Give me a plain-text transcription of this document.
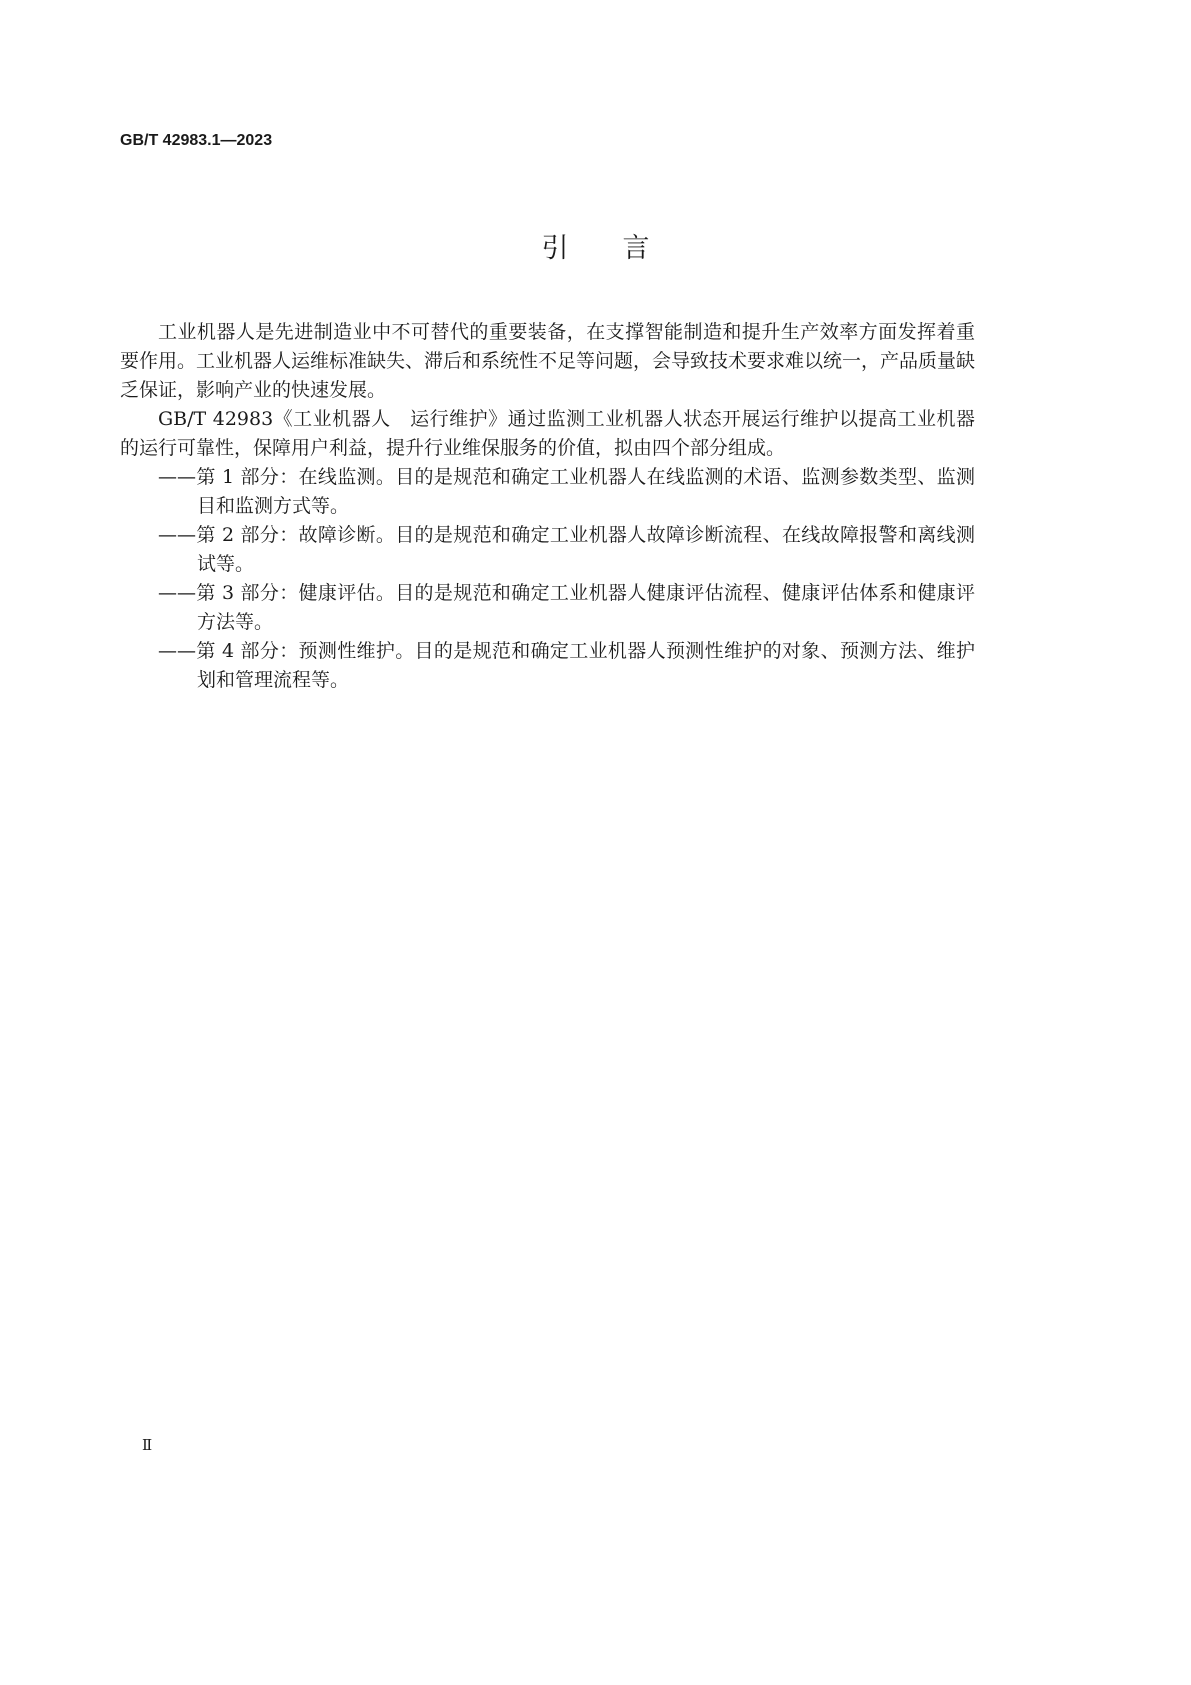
GB/T 42983.1—2023
引 言
工业机器人是先进制造业中不可替代的重要装备，在支撑智能制造和提升生产效率方面发挥着重
要作用。工业机器人运维标准缺失、滞后和系统性不足等问题，会导致技术要求难以统一，产品质量缺
乏保证，影响产业的快速发展。
GB/T 42983《工业机器人　运行维护》通过监测工业机器人状态开展运行维护以提高工业机器
的运行可靠性，保障用户利益，提升行业维保服务的价值，拟由四个部分组成。
——第 1 部分：在线监测。目的是规范和确定工业机器人在线监测的术语、监测参数类型、监测
目和监测方式等。
——第 2 部分：故障诊断。目的是规范和确定工业机器人故障诊断流程、在线故障报警和离线测
试等。
——第 3 部分：健康评估。目的是规范和确定工业机器人健康评估流程、健康评估体系和健康评
方法等。
——第 4 部分：预测性维护。目的是规范和确定工业机器人预测性维护的对象、预测方法、维护
划和管理流程等。
Ⅱ
